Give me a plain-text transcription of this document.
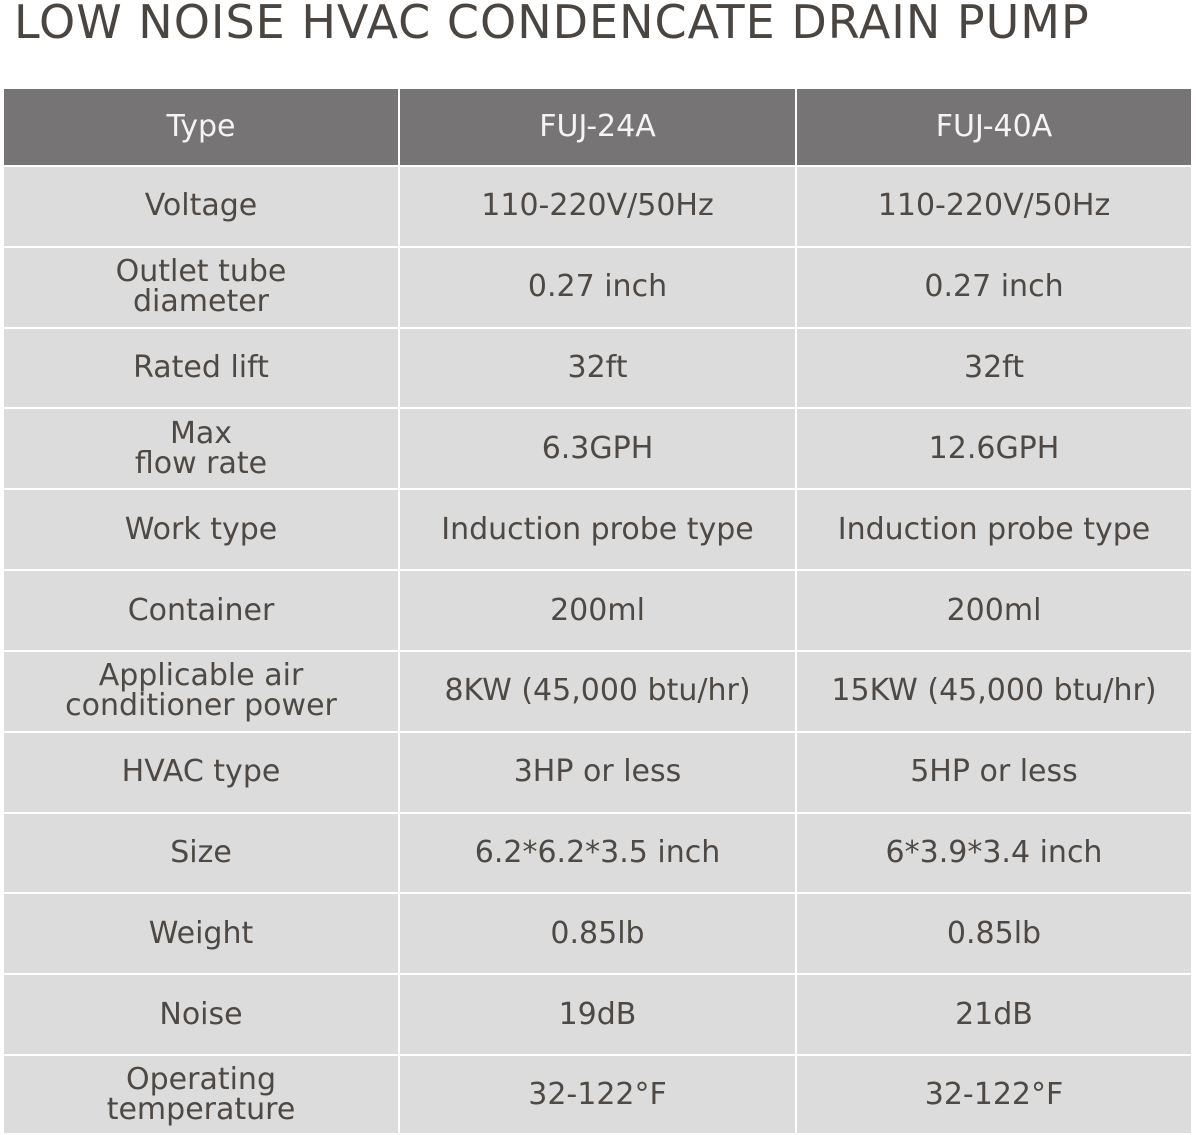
LOW NOISE HVAC CONDENCATE DRAIN PUMP
Type	FUJ-24A	FUJ-40A
Voltage	110-220V/50Hz	110-220V/50Hz
Outlet tube
diameter	0.27 inch	0.27 inch
Rated lift	32ft	32ft
Max
flow rate	6.3GPH	12.6GPH
Work type	Induction probe type	Induction probe type
Container	200ml	200ml
Applicable air
conditioner power	8KW (45,000 btu/hr)	15KW (45,000 btu/hr)
HVAC type	3HP or less	5HP or less
Size	6.2*6.2*3.5 inch	6*3.9*3.4 inch
Weight	0.85lb	0.85lb
Noise	19dB	21dB
Operating
temperature	32-122°F	32-122°F
